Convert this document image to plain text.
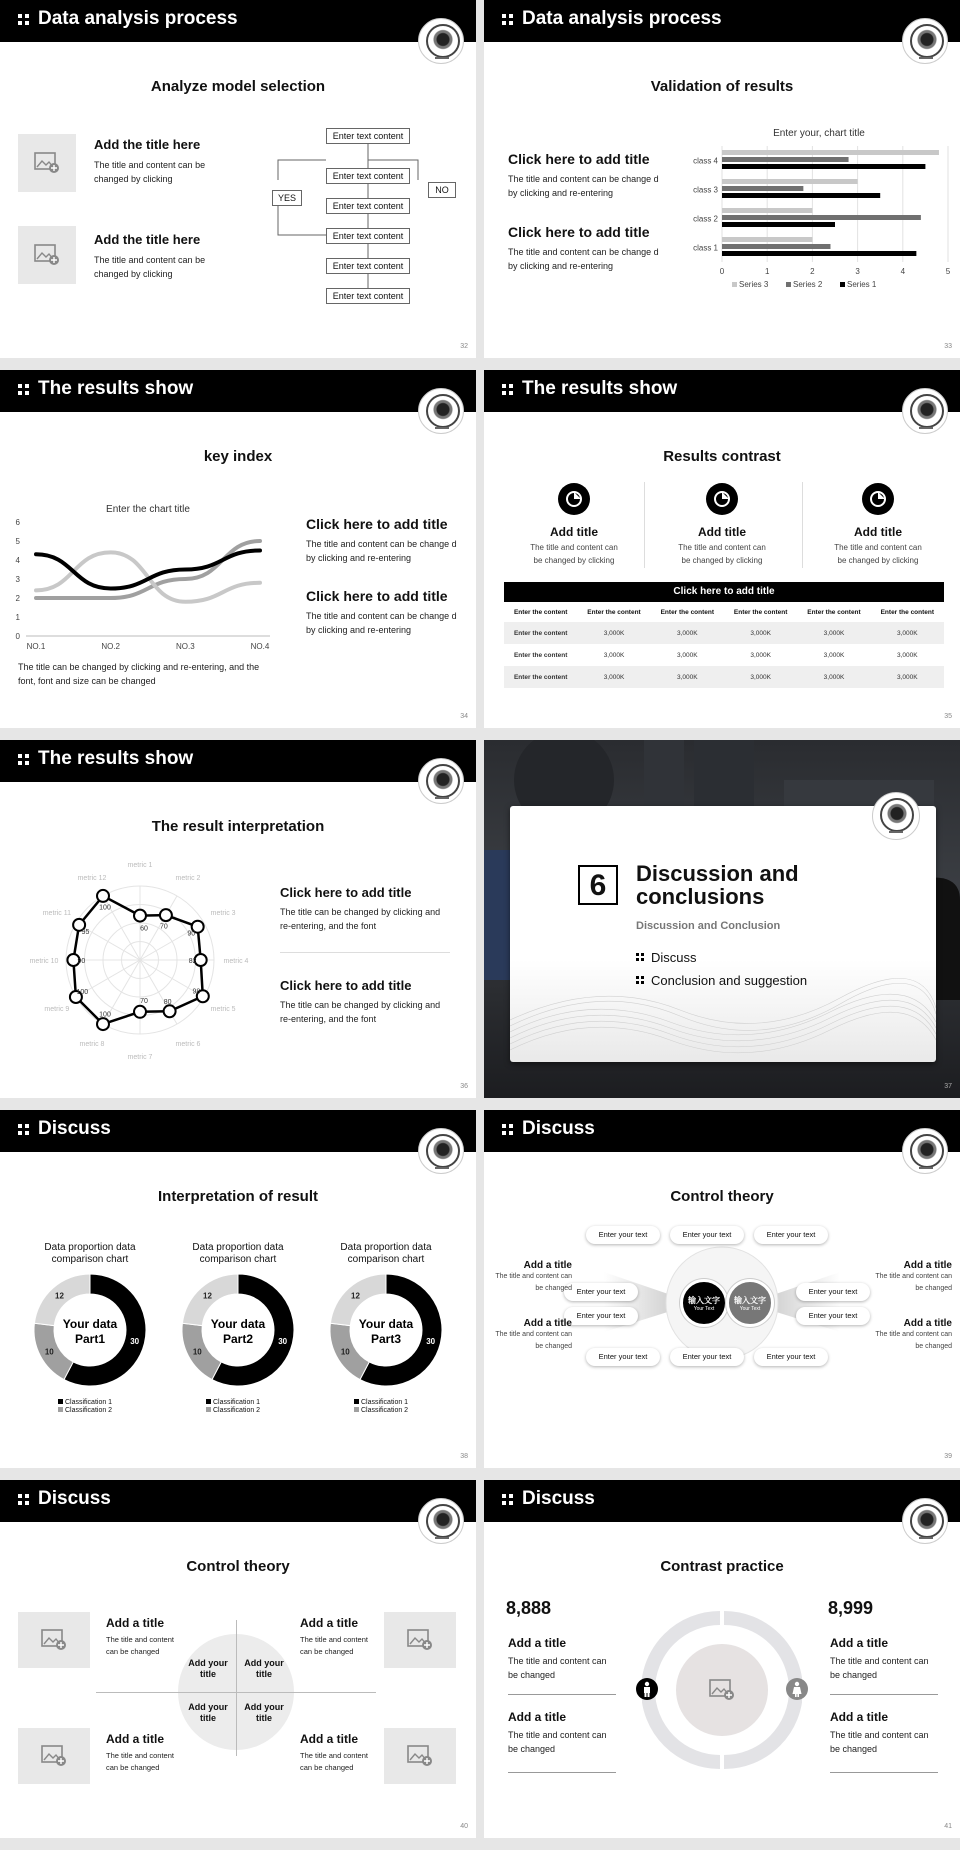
Data analysis process
Analyze model selection
Add the title here
The title and content can be changed by clicking
Add the title here
The title and content can be changed by clicking
Enter text content
Enter text content
Enter text content
Enter text content
Enter text content
Enter text content
YES
NO
32
Data analysis process
Validation of results
Click here to add title
The title and content can be change d by clicking and re-entering
Click here to add title
The title and content can be change d by clicking and re-entering
Enter your, chart title
0	1	2	3	4	5
class 1
class 2
class 3
class 4
Series 3	Series 2	Series 1
33
The results show
key index
Enter the chart title
0
1
2
3
4
5
6
NO.1	NO.2	NO.3	NO.4
Click here to add title
The title and content can be change d by clicking and re-entering
Click here to add title
The title and content can be change d by clicking and re-entering
The title can be changed by clicking and re-entering, and the font, font and size can be changed
34
The results show
Results contrast
Add title
The title and content can be changed by clicking
Add title
The title and content can be changed by clicking
Add title
The title and content can be changed by clicking
Click here to add title
Enter the content	Enter the content	Enter the content	Enter the content	Enter the content	Enter the content
Enter the content	3,000K	3,000K	3,000K	3,000K	3,000K
Enter the content	3,000K	3,000K	3,000K	3,000K	3,000K
Enter the content	3,000K	3,000K	3,000K	3,000K	3,000K
35
The results show
The result interpretation
metric 1
metric 2
metric 3
metric 4
metric 5
metric 6
metric 7
metric 8
metric 9
metric 10
metric 11
metric 12
60 70
90
82
98
80
70
100
100
90
95
100
Click here to add title
The title can be changed by clicking and re-entering, and the font
Click here to add title
The title can be changed by clicking and re-entering, and the font
36
6	Discussion and conclusions
Discussion and Conclusion
Discuss
Conclusion and suggestion
37
Discuss
Interpretation of result
Data proportion data comparison chart
30
10
12
Your data
Part1
Classification 1
Classification 2
Data proportion data comparison chart
30
10
12
Your data
Part2
Classification 1
Classification 2
Data proportion data comparison chart
30
10
12
Your data
Part3
Classification 1
Classification 2
38
Discuss
Control theory
输入文字
Your Text
输入文字
Your Text
Enter your text	Enter your text	Enter your text
Enter your text
Enter your text
Enter your text
Enter your text
Enter your text	Enter your text	Enter your text
Add a title
The title and content can be changed
Add a title
The title and content can be changed
Add a title
The title and content can be changed
Add a title
The title and content can be changed
39
Discuss
Control theory
Add your title
Add your title
Add your title
Add your title
Add a title
The title and content can be changed
Add a title
The title and content can be changed
Add a title
The title and content can be changed
Add a title
The title and content can be changed
40
Discuss
Contrast practice
8,888	8,999
Add a title
The title and content can be changed
Add a title
The title and content can be changed
Add a title
The title and content can be changed
Add a title
The title and content can be changed
41
